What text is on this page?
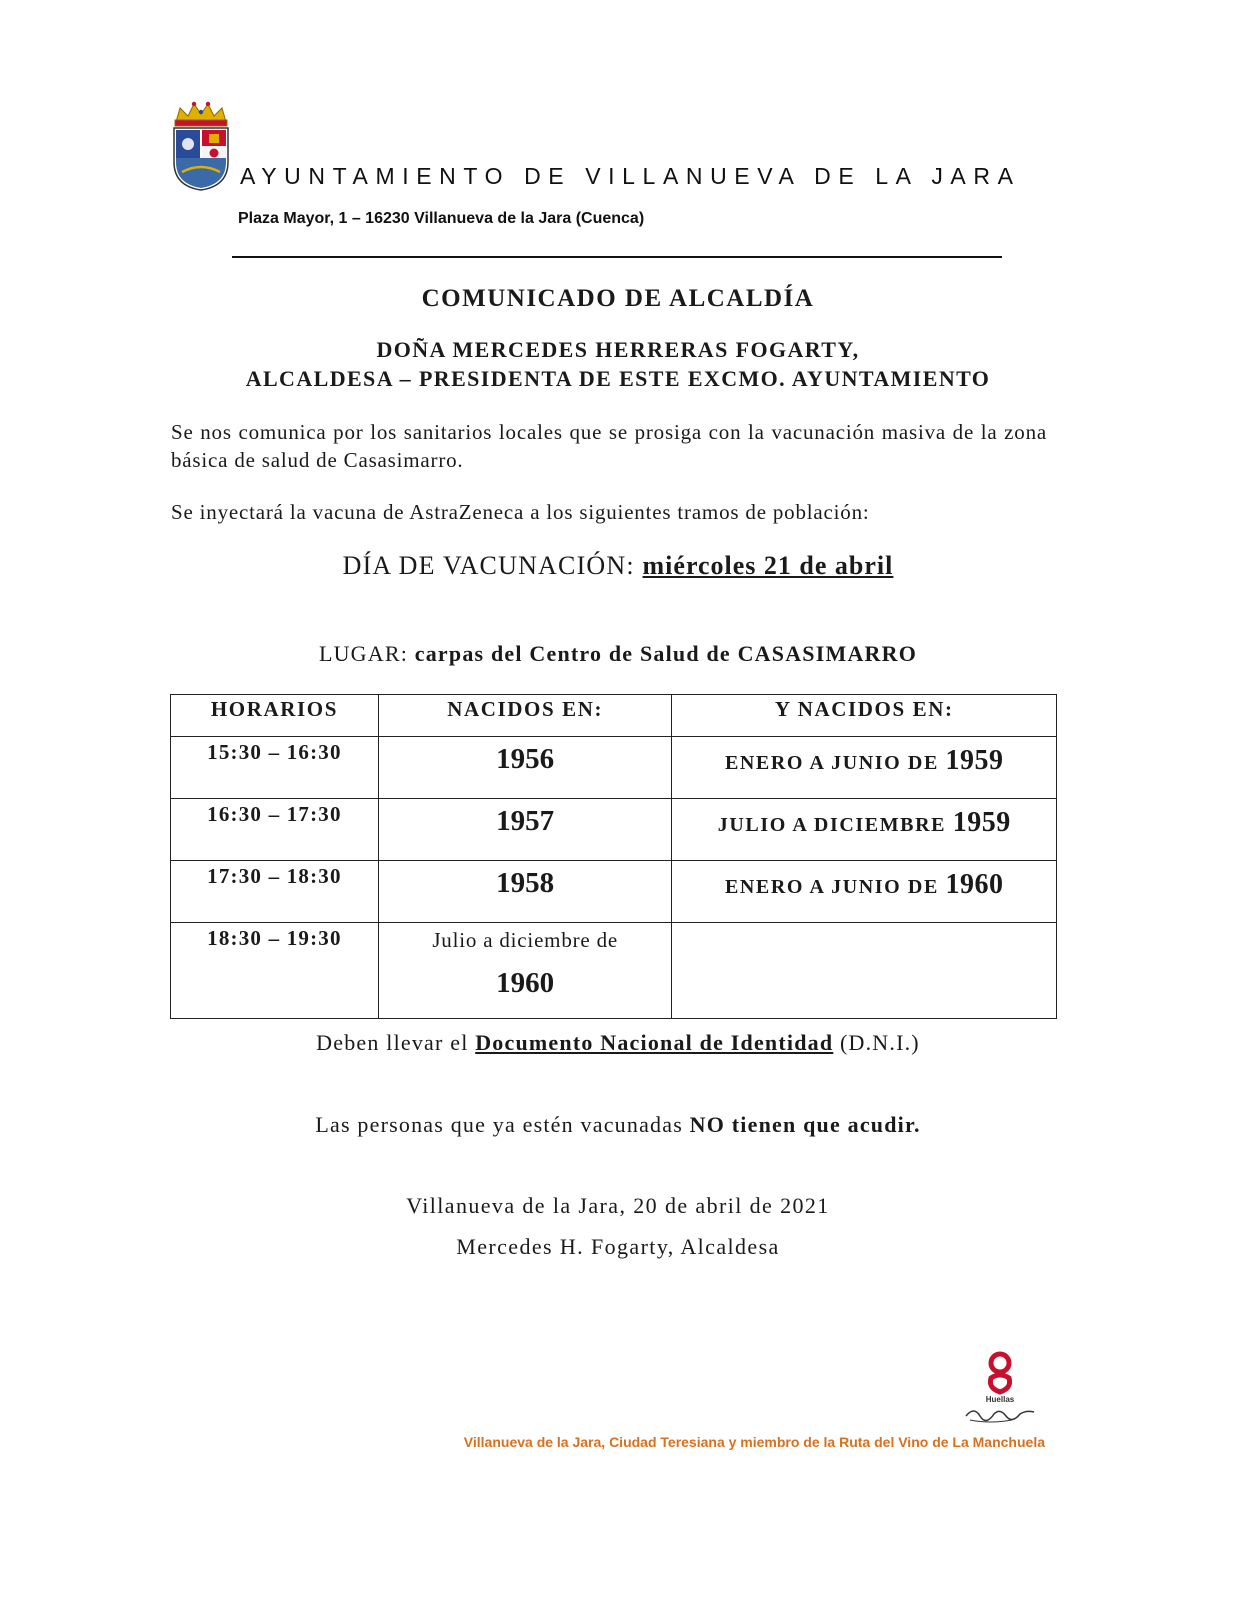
AYUNTAMIENTO DE VILLANUEVA DE LA JARA
Plaza Mayor, 1 – 16230 Villanueva de la Jara (Cuenca)
COMUNICADO DE ALCALDÍA
DOÑA MERCEDES HERRERAS FOGARTY,
ALCALDESA – PRESIDENTA DE ESTE EXCMO. AYUNTAMIENTO
Se nos comunica por los sanitarios locales que se prosiga con la vacunación masiva de la zona básica de salud de Casasimarro.
Se inyectará la vacuna de AstraZeneca a los siguientes tramos de población:
DÍA DE VACUNACIÓN: miércoles 21 de abril
LUGAR: carpas del Centro de Salud de CASASIMARRO
HORARIOS	NACIDOS EN:	Y NACIDOS EN:
15:30 – 16:30	1956	ENERO A JUNIO DE 1959
16:30 – 17:30	1957	JULIO A DICIEMBRE 1959
17:30 – 18:30	1958	ENERO A JUNIO DE 1960
18:30 – 19:30	Julio a diciembre de
1960	

Deben llevar el Documento Nacional de Identidad (D.N.I.)
Las personas que ya estén vacunadas NO tienen que acudir.
Villanueva de la Jara, 20 de abril de 2021
Mercedes H. Fogarty, Alcaldesa
Huellas
Villanueva de la Jara, Ciudad Teresiana y miembro de la Ruta del Vino de La Manchuela
